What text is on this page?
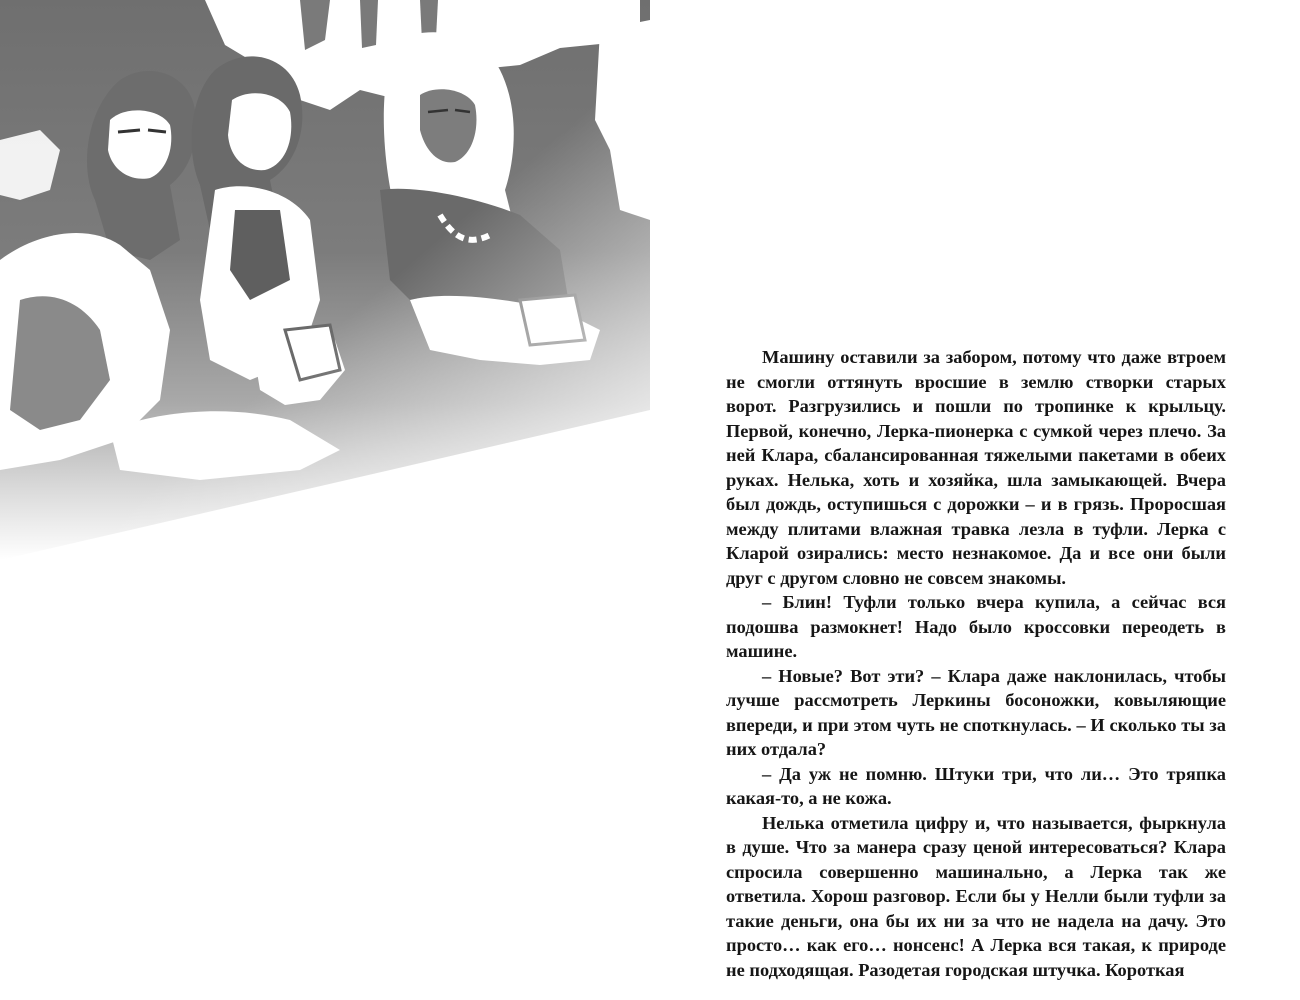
Машину оставили за забором, потому что даже втроем не смогли оттянуть вросшие в землю створки старых ворот. Разгрузились и пошли по тропинке к крыльцу. Первой, конечно, Лерка-пионерка с сумкой через плечо. За ней Клара, сбалансированная тяжелыми пакетами в обеих руках. Нелька, хоть и хозяйка, шла замыкающей. Вчера был дождь, оступишься с дорожки – и в грязь. Проросшая между плитами влажная травка лезла в туфли. Лерка с Кларой озирались: место незнакомое. Да и все они были друг с другом словно не совсем знакомы.

– Блин! Туфли только вчера купила, а сейчас вся подошва размокнет! Надо было кроссовки переодеть в машине.

– Новые? Вот эти? – Клара даже наклонилась, чтобы лучше рассмотреть Леркины босоножки, ковыляющие впереди, и при этом чуть не споткнулась. – И сколько ты за них отдала?

– Да уж не помню. Штуки три, что ли… Это тряпка какая-то, а не кожа.

Нелька отметила цифру и, что называется, фыркнула в душе. Что за манера сразу ценой интересоваться? Клара спросила совершенно машинально, а Лерка так же ответила. Хорош разговор. Если бы у Нелли были туфли за такие деньги, она бы их ни за что не надела на дачу. Это просто… как его… нонсенс! А Лерка вся такая, к природе не подходящая. Разодетая городская штучка. Короткая
